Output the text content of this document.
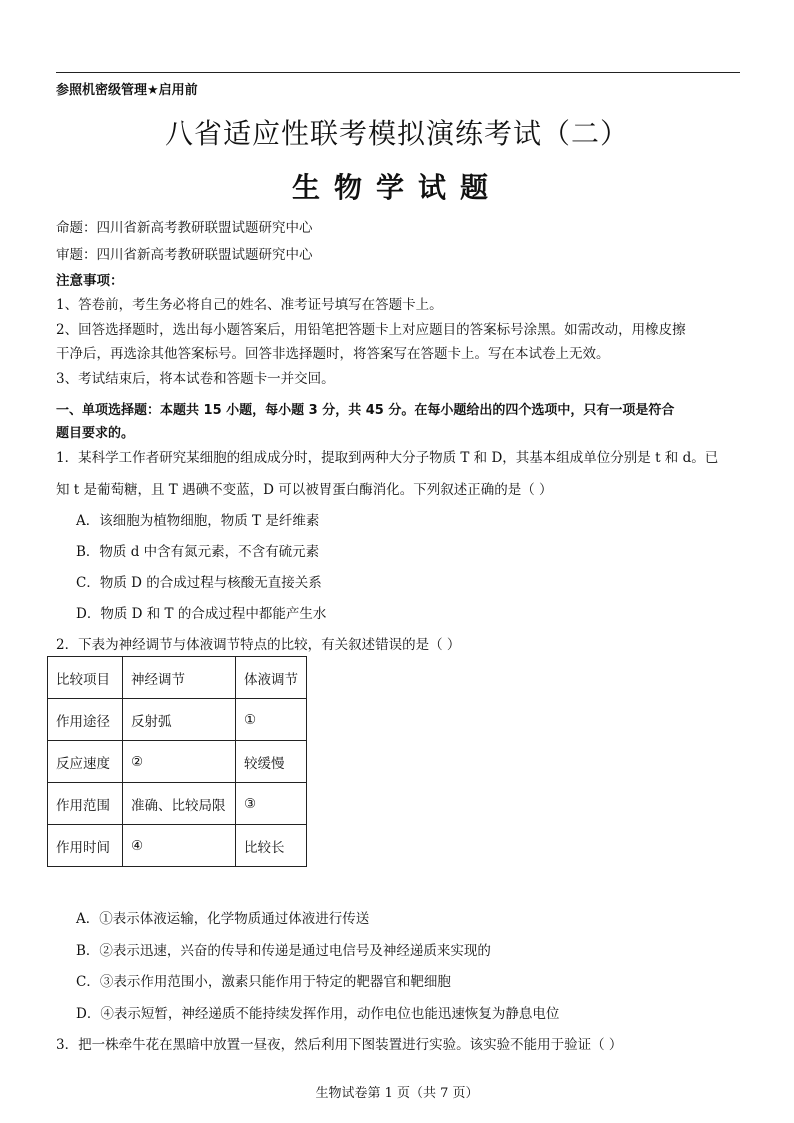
参照机密级管理★启用前
八省适应性联考模拟演练考试（二）
生物学试题
命题：四川省新高考教研联盟试题研究中心
审题：四川省新高考教研联盟试题研究中心
注意事项：
1、答卷前，考生务必将自己的姓名、准考证号填写在答题卡上。
2、回答选择题时，选出每小题答案后，用铅笔把答题卡上对应题目的答案标号涂黑。如需改动，用橡皮擦
干净后，再选涂其他答案标号。回答非选择题时，将答案写在答题卡上。写在本试卷上无效。
3、考试结束后，将本试卷和答题卡一并交回。
一、单项选择题：本题共 15 小题，每小题 3 分，共 45 分。在每小题给出的四个选项中，只有一项是符合
题目要求的。
1．某科学工作者研究某细胞的组成成分时，提取到两种大分子物质 T 和 D，其基本组成单位分别是 t 和 d。已
知 t 是葡萄糖，且 T 遇碘不变蓝，D 可以被胃蛋白酶消化。下列叙述正确的是（ ）
A．该细胞为植物细胞，物质 T 是纤维素
B．物质 d 中含有氮元素，不含有硫元素
C．物质 D 的合成过程与核酸无直接关系
D．物质 D 和 T 的合成过程中都能产生水
2．下表为神经调节与体液调节特点的比较，有关叙述错误的是（ ）
比较项目	神经调节	体液调节
作用途径	反射弧	①
反应速度	②	较缓慢
作用范围	准确、比较局限	③
作用时间	④	比较长
A．①表示体液运输，化学物质通过体液进行传送
B．②表示迅速，兴奋的传导和传递是通过电信号及神经递质来实现的
C．③表示作用范围小，激素只能作用于特定的靶器官和靶细胞
D．④表示短暂，神经递质不能持续发挥作用，动作电位也能迅速恢复为静息电位
3．把一株牵牛花在黑暗中放置一昼夜，然后利用下图装置进行实验。该实验不能用于验证（ ）
生物试卷第 1 页（共 7 页）
